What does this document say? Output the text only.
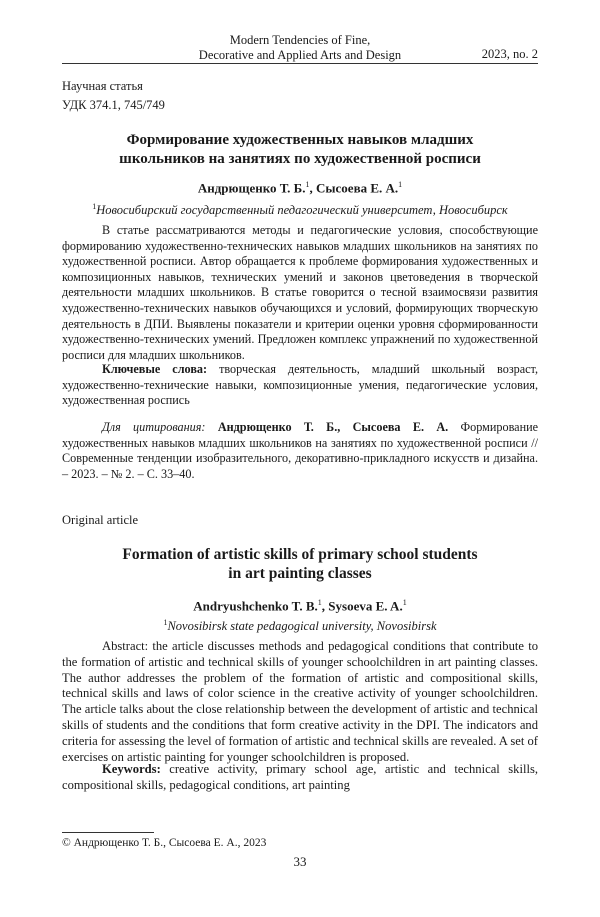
Modern Tendencies of Fine,
Decorative and Applied Arts and Design	2023, no. 2
Научная статья
УДК 374.1, 745/749
Формирование художественных навыков младших
школьников на занятиях по художественной росписи
Андрющенко Т. Б.$^1$, Сысоева Е. А.$^1$
$^1$Новосибирский государственный педагогический университет, Новосибирск

В статье рассматриваются методы и педагогические условия, способствующие формированию художественно-технических навыков младших школьников на занятиях по художественной росписи. Автор обращается к проблеме формирования художественных и композиционных навыков, технических умений и законов цветоведения в творческой деятельности младших школьников. В статье говорится о тесной взаимосвязи развития художественно-технических навыков обучающихся и условий, формирующих творческую деятельность в ДПИ. Выявлены показатели и критерии оценки уровня сформированности художественно-технических умений. Предложен комплекс упражнений по художественной росписи для младших школьников.

Ключевые слова: творческая деятельность, младший школьный возраст, художественно-технические навыки, композиционные умения, педагогические условия, художественная роспись

Для цитирования: Андрющенко Т. Б., Сысоева Е. А. Формирование художественных навыков младших школьников на занятиях по художественной росписи // Современные тенденции изобразительного, декоративно-прикладного искусств и дизайна. – 2023. – № 2. – С. 33–40.

Original article
Formation of artistic skills of primary school students
in art painting classes
Andryushchenko T. B.$^1$, Sysoeva E. A.$^1$
$^1$Novosibirsk state pedagogical university, Novosibirsk

Abstract: the article discusses methods and pedagogical conditions that contribute to the formation of artistic and technical skills of younger schoolchildren in art painting classes. The author addresses the problem of the formation of artistic and compositional skills, technical skills and laws of color science in the creative activity of younger schoolchildren. The article talks about the close relationship between the development of artistic and technical skills of students and the conditions that form creative activity in the DPI. The indicators and criteria for assessing the level of formation of artistic and technical skills are revealed. A set of exercises on artistic painting for younger schoolchildren is proposed.

Keywords: creative activity, primary school age, artistic and technical skills, compositional skills, pedagogical conditions, art painting

© Андрющенко Т. Б., Сысоева Е. А., 2023
33
